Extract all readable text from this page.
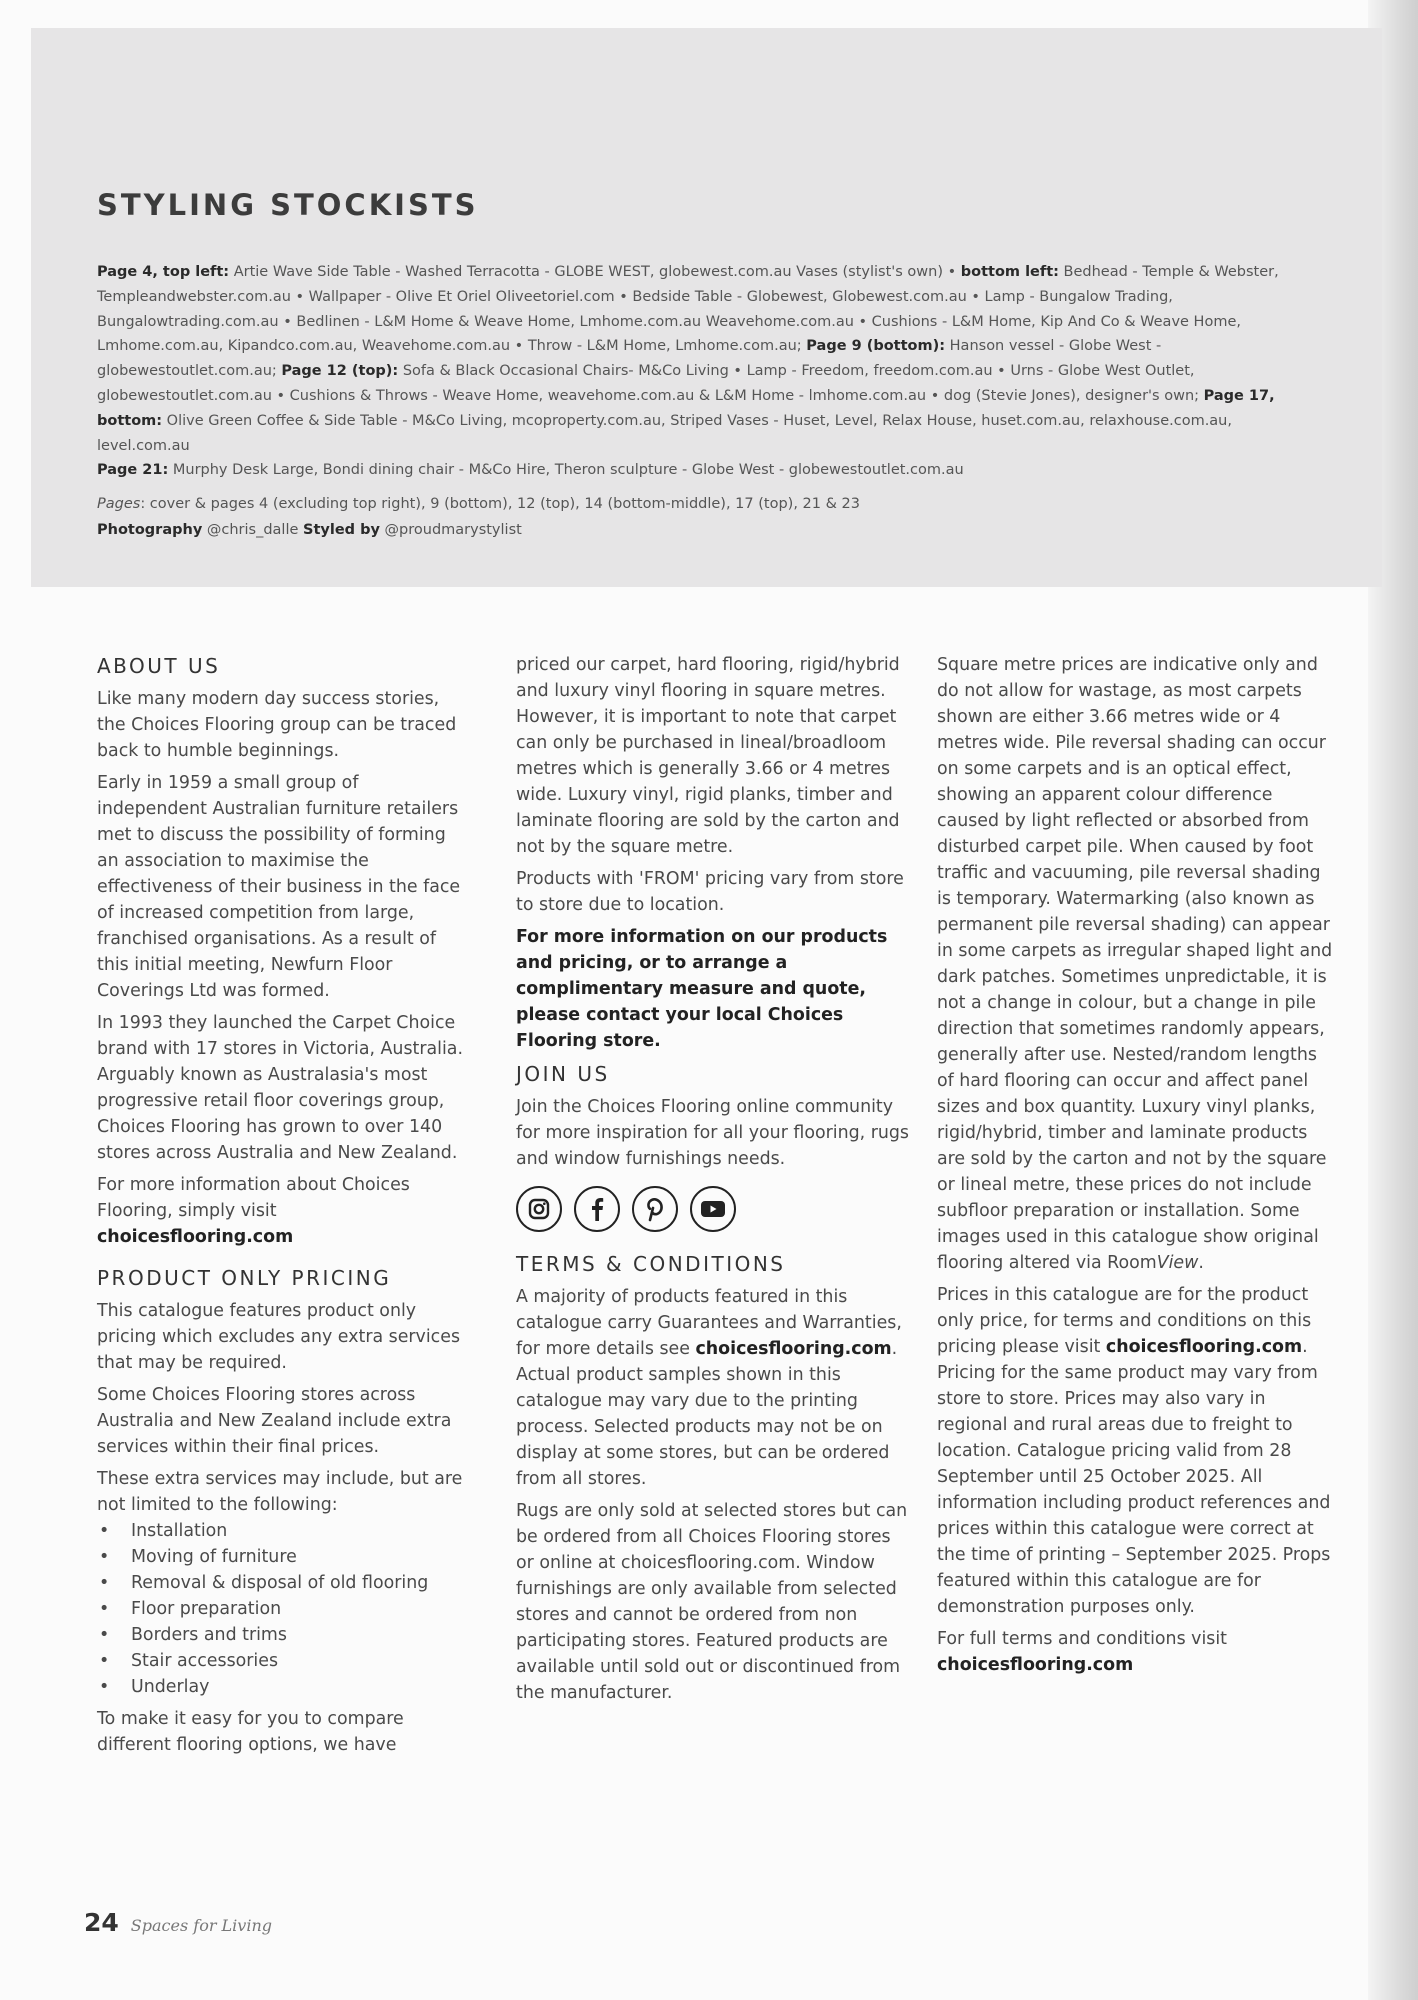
STYLING STOCKISTS
Page 4, top left: Artie Wave Side Table - Washed Terracotta - GLOBE WEST, globewest.com.au Vases (stylist's own) • bottom left: Bedhead - Temple & Webster, Templeandwebster.com.au • Wallpaper - Olive Et Oriel Oliveetoriel.com • Bedside Table - Globewest, Globewest.com.au • Lamp - Bungalow Trading, Bungalowtrading.com.au • Bedlinen - L&M Home & Weave Home, Lmhome.com.au Weavehome.com.au • Cushions - L&M Home, Kip And Co & Weave Home, Lmhome.com.au, Kipandco.com.au, Weavehome.com.au • Throw - L&M Home, Lmhome.com.au; Page 9 (bottom): Hanson vessel - Globe West - globewestoutlet.com.au; Page 12 (top): Sofa & Black Occasional Chairs- M&Co Living • Lamp - Freedom, freedom.com.au • Urns - Globe West Outlet, globewestoutlet.com.au • Cushions & Throws - Weave Home, weavehome.com.au & L&M Home - lmhome.com.au • dog (Stevie Jones), designer's own; Page 17, bottom: Olive Green Coffee & Side Table - M&Co Living, mcoproperty.com.au, Striped Vases - Huset, Level, Relax House, huset.com.au, relaxhouse.com.au, level.com.au
Page 21: Murphy Desk Large, Bondi dining chair - M&Co Hire, Theron sculpture - Globe West - globewestoutlet.com.au
Pages: cover & pages 4 (excluding top right), 9 (bottom), 12 (top), 14 (bottom-middle), 17 (top), 21 & 23
Photography @chris_dalle Styled by @proudmarystylist
ABOUT US

Like many modern day success stories, the Choices Flooring group can be traced back to humble beginnings.

Early in 1959 a small group of independent Australian furniture retailers met to discuss the possibility of forming an association to maximise the effectiveness of their business in the face of increased competition from large, franchised organisations. As a result of this initial meeting, Newfurn Floor Coverings Ltd was formed.

In 1993 they launched the Carpet Choice brand with 17 stores in Victoria, Australia. Arguably known as Australasia's most progressive retail floor coverings group, Choices Flooring has grown to over 140 stores across Australia and New Zealand.

For more information about Choices Flooring, simply visit
choicesflooring.com

PRODUCT ONLY PRICING

This catalogue features product only pricing which excludes any extra services that may be required.

Some Choices Flooring stores across Australia and New Zealand include extra services within their final prices.

These extra services may include, but are not limited to the following:

• Installation
• Moving of furniture
• Removal & disposal of old flooring
• Floor preparation
• Borders and trims
• Stair accessories
• Underlay

To make it easy for you to compare different flooring options, we have

priced our carpet, hard flooring, rigid/hybrid and luxury vinyl flooring in square metres. However, it is important to note that carpet can only be purchased in lineal/broadloom metres which is generally 3.66 or 4 metres wide. Luxury vinyl, rigid planks, timber and laminate flooring are sold by the carton and not by the square metre.

Products with 'FROM' pricing vary from store to store due to location.

For more information on our products and pricing, or to arrange a complimentary measure and quote, please contact your local Choices Flooring store.

JOIN US

Join the Choices Flooring online community for more inspiration for all your flooring, rugs and window furnishings needs.

TERMS & CONDITIONS

A majority of products featured in this catalogue carry Guarantees and Warranties, for more details see choicesflooring.com. Actual product samples shown in this catalogue may vary due to the printing process. Selected products may not be on display at some stores, but can be ordered from all stores.

Rugs are only sold at selected stores but can be ordered from all Choices Flooring stores or online at choicesflooring.com. Window furnishings are only available from selected stores and cannot be ordered from non participating stores. Featured products are available until sold out or discontinued from the manufacturer.

Square metre prices are indicative only and do not allow for wastage, as most carpets shown are either 3.66 metres wide or 4 metres wide. Pile reversal shading can occur on some carpets and is an optical effect, showing an apparent colour difference caused by light reflected or absorbed from disturbed carpet pile. When caused by foot traffic and vacuuming, pile reversal shading is temporary. Watermarking (also known as permanent pile reversal shading) can appear in some carpets as irregular shaped light and dark patches. Sometimes unpredictable, it is not a change in colour, but a change in pile direction that sometimes randomly appears, generally after use. Nested/random lengths of hard flooring can occur and affect panel sizes and box quantity. Luxury vinyl planks, rigid/hybrid, timber and laminate products are sold by the carton and not by the square or lineal metre, these prices do not include subfloor preparation or installation. Some images used in this catalogue show original flooring altered via RoomView.

Prices in this catalogue are for the product only price, for terms and conditions on this pricing please visit choicesflooring.com. Pricing for the same product may vary from store to store. Prices may also vary in regional and rural areas due to freight to location. Catalogue pricing valid from 28 September until 25 October 2025. All information including product references and prices within this catalogue were correct at the time of printing – September 2025. Props featured within this catalogue are for demonstration purposes only.

For full terms and conditions visit
choicesflooring.com

24 Spaces for Living
